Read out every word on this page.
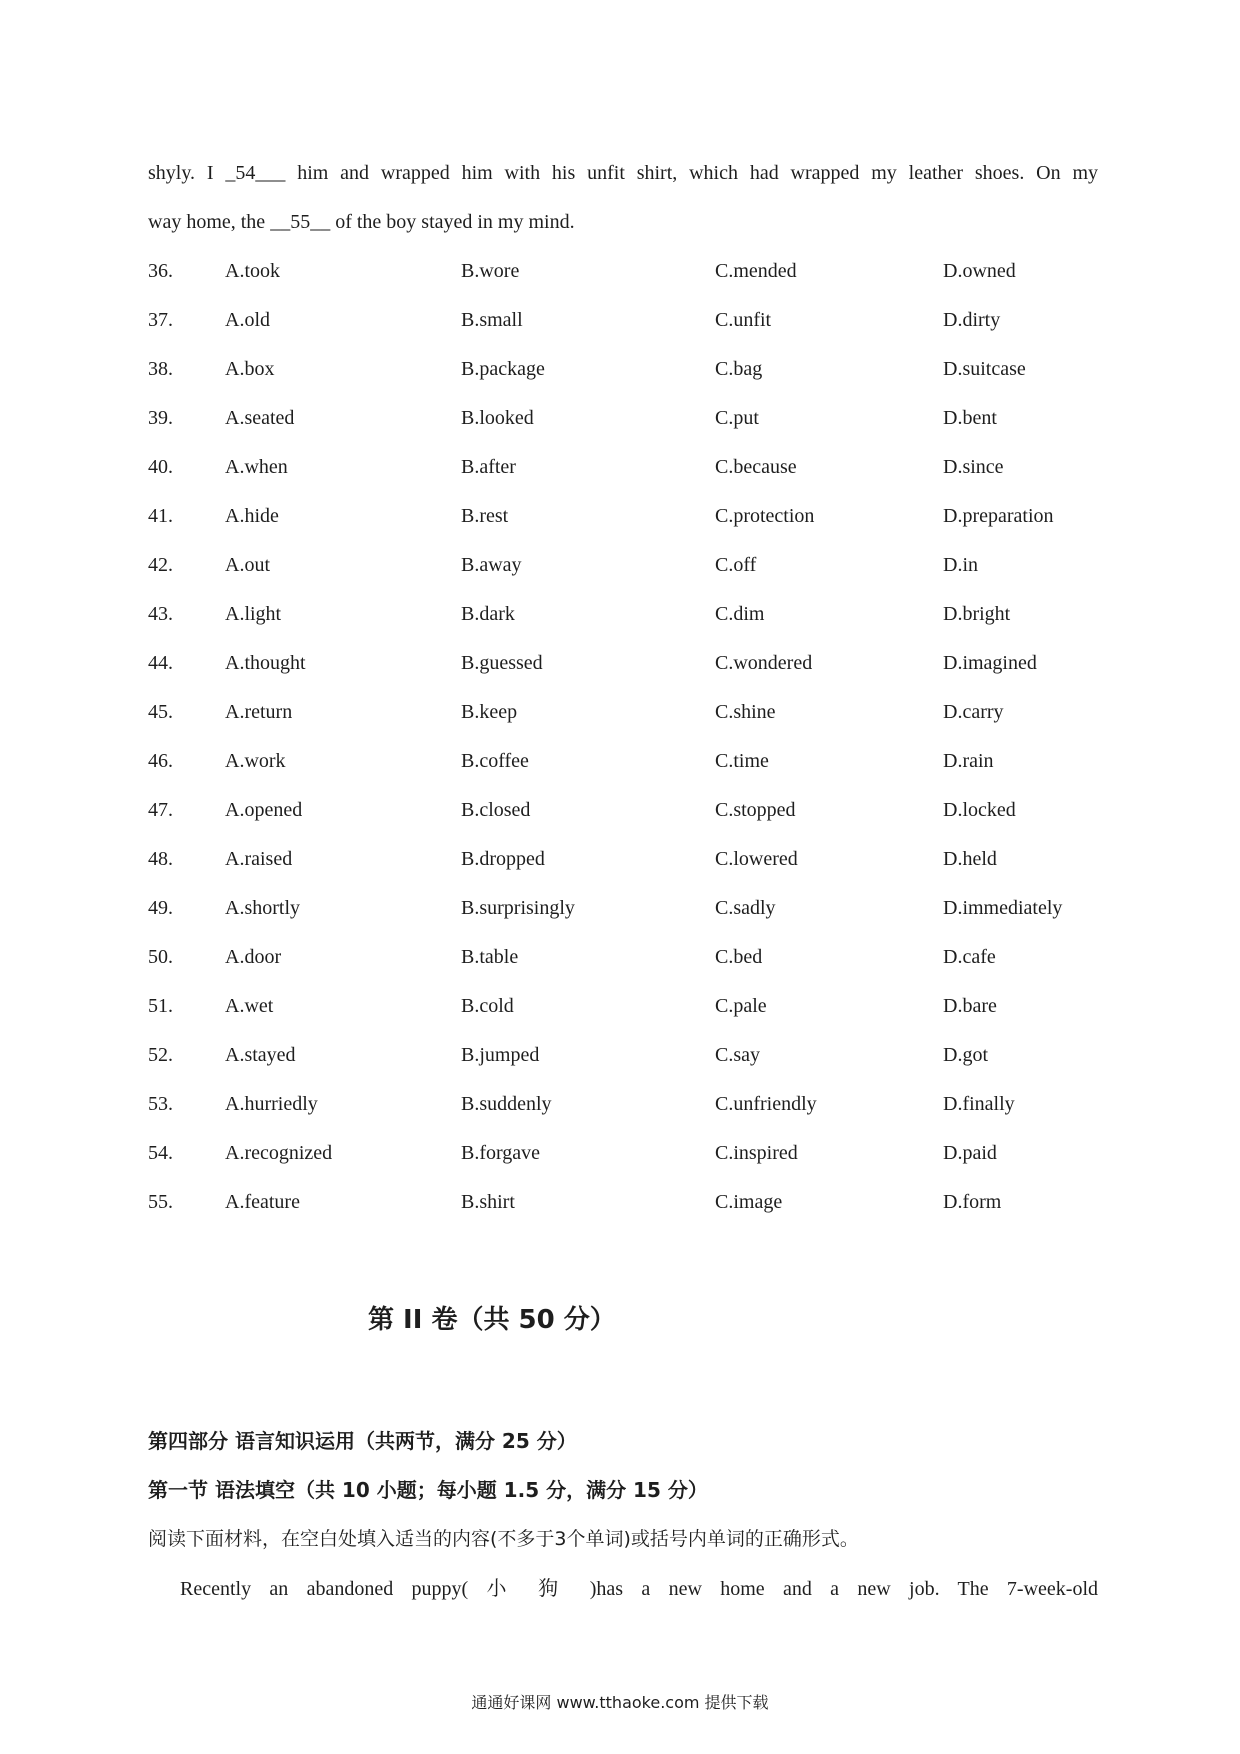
shyly. I _54___ him and wrapped him with his unfit shirt, which had wrapped my leather shoes. On my
way home, the __55__ of the boy stayed in my mind.
36.	A.took	B.wore	C.mended	D.owned
37.	A.old	B.small	C.unfit	D.dirty
38.	A.box	B.package	C.bag	D.suitcase
39.	A.seated	B.looked	C.put	D.bent
40.	A.when	B.after	C.because	D.since
41.	A.hide	B.rest	C.protection	D.preparation
42.	A.out	B.away	C.off	D.in
43.	A.light	B.dark	C.dim	D.bright
44.	A.thought	B.guessed	C.wondered	D.imagined
45.	A.return	B.keep	C.shine	D.carry
46.	A.work	B.coffee	C.time	D.rain
47.	A.opened	B.closed	C.stopped	D.locked
48.	A.raised	B.dropped	C.lowered	D.held
49.	A.shortly	B.surprisingly	C.sadly	D.immediately
50.	A.door	B.table	C.bed	D.cafe
51.	A.wet	B.cold	C.pale	D.bare
52.	A.stayed	B.jumped	C.say	D.got
53.	A.hurriedly	B.suddenly	C.unfriendly	D.finally
54.	A.recognized	B.forgave	C.inspired	D.paid
55.	A.feature	B.shirt	C.image	D.form
第 II 卷（共 50 分）
第四部分 语言知识运用（共两节，满分 25 分）
第一节 语法填空（共 10 小题；每小题 1.5 分，满分 15 分）
阅读下面材料，在空白处填入适当的内容(不多于3个单词)或括号内单词的正确形式。
Recently an abandoned puppy( 小 狗 )has a new home and a new job. The 7-week-old
通通好课网 www.tthaoke.com 提供下载
